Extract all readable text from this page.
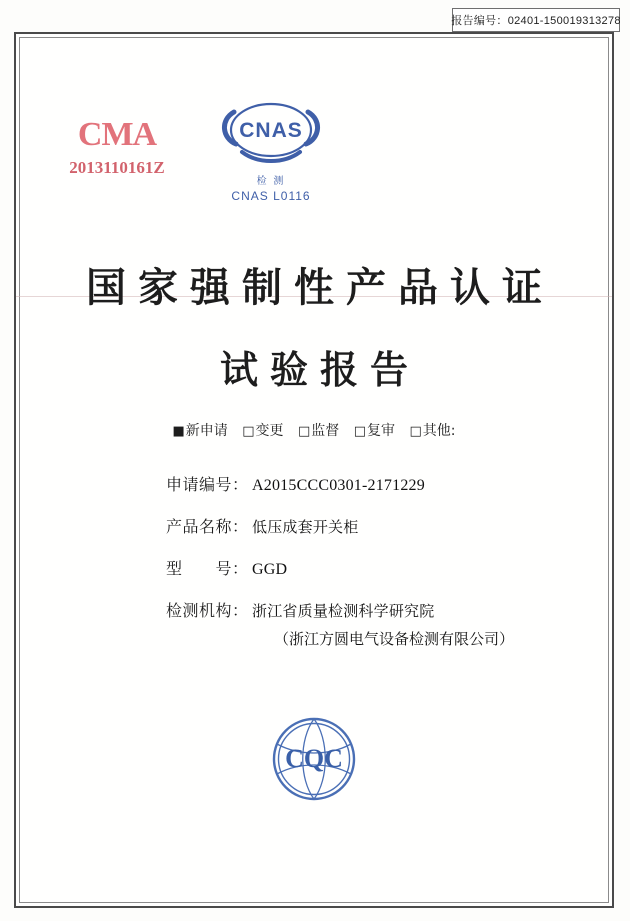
报告编号：02401-150019313278
CMA
2013110161Z
CNAS
检 测
CNAS L0116
国家强制性产品认证
试验报告
■新申请 □变更 □监督 □复审 □其他:
申请编号 ： A2015CCC0301-2171229
产品名称 ： 低压成套开关柜
型　　号 ： GGD
检测机构 ： 浙江省质量检测科学研究院
（浙江方圆电气设备检测有限公司）
CQC
